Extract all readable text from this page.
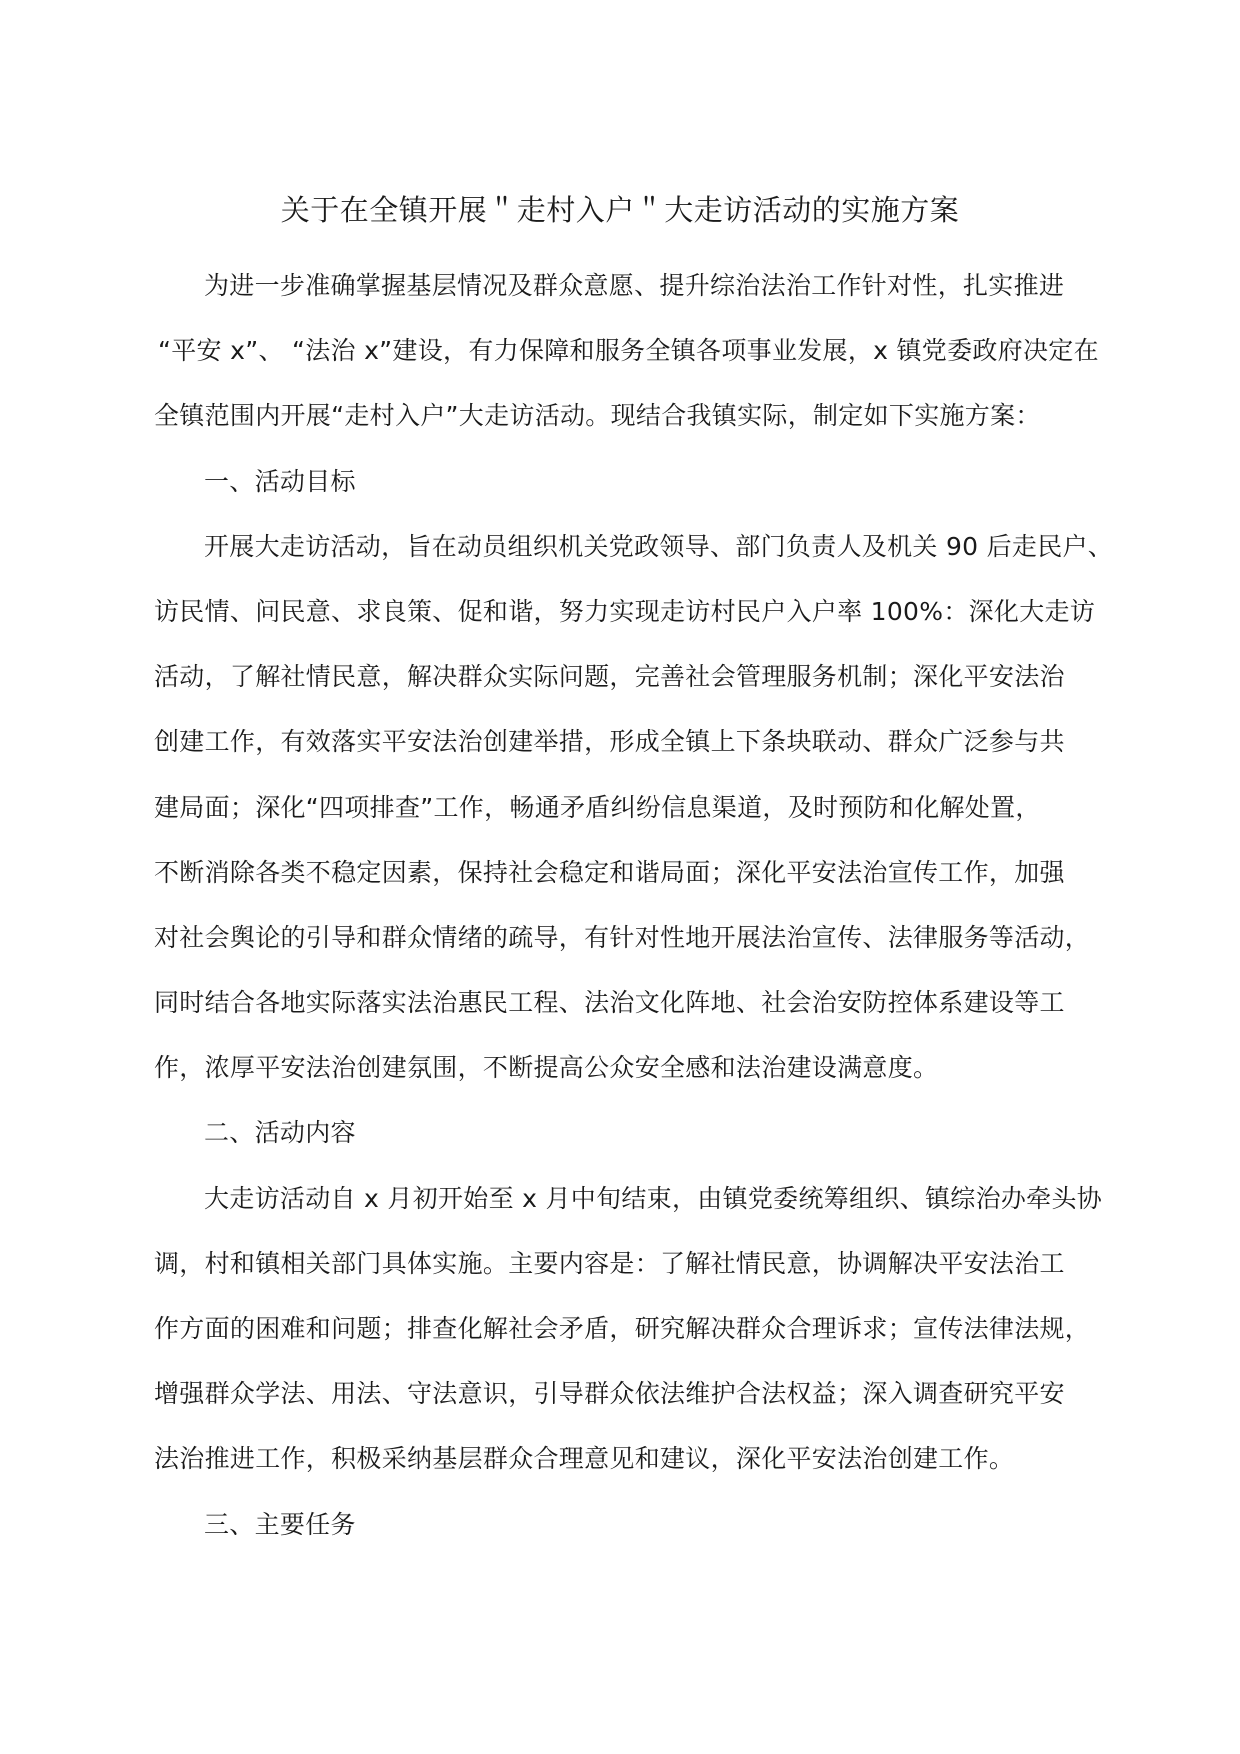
关于在全镇开展＂走村入户＂大走访活动的实施方案
为进一步准确掌握基层情况及群众意愿、提升综治法治工作针对性，扎实推进
“平安 x”、 “法治 x”建设，有力保障和服务全镇各项事业发展，x 镇党委政府决定在
全镇范围内开展“走村入户”大走访活动。现结合我镇实际，制定如下实施方案：
一、活动目标
开展大走访活动，旨在动员组织机关党政领导、部门负责人及机关 90 后走民户、
访民情、问民意、求良策、促和谐，努力实现走访村民户入户率 100%：深化大走访
活动，了解社情民意，解决群众实际问题，完善社会管理服务机制；深化平安法治
创建工作，有效落实平安法治创建举措，形成全镇上下条块联动、群众广泛参与共
建局面；深化“四项排查”工作，畅通矛盾纠纷信息渠道，及时预防和化解处置，
不断消除各类不稳定因素，保持社会稳定和谐局面；深化平安法治宣传工作，加强
对社会舆论的引导和群众情绪的疏导，有针对性地开展法治宣传、法律服务等活动，
同时结合各地实际落实法治惠民工程、法治文化阵地、社会治安防控体系建设等工
作，浓厚平安法治创建氛围，不断提高公众安全感和法治建设满意度。
二、活动内容
大走访活动自 x 月初开始至 x 月中旬结束，由镇党委统筹组织、镇综治办牵头协
调，村和镇相关部门具体实施。主要内容是：了解社情民意，协调解决平安法治工
作方面的困难和问题；排查化解社会矛盾，研究解决群众合理诉求；宣传法律法规，
增强群众学法、用法、守法意识，引导群众依法维护合法权益；深入调查研究平安
法治推进工作，积极采纳基层群众合理意见和建议，深化平安法治创建工作。
三、主要任务
